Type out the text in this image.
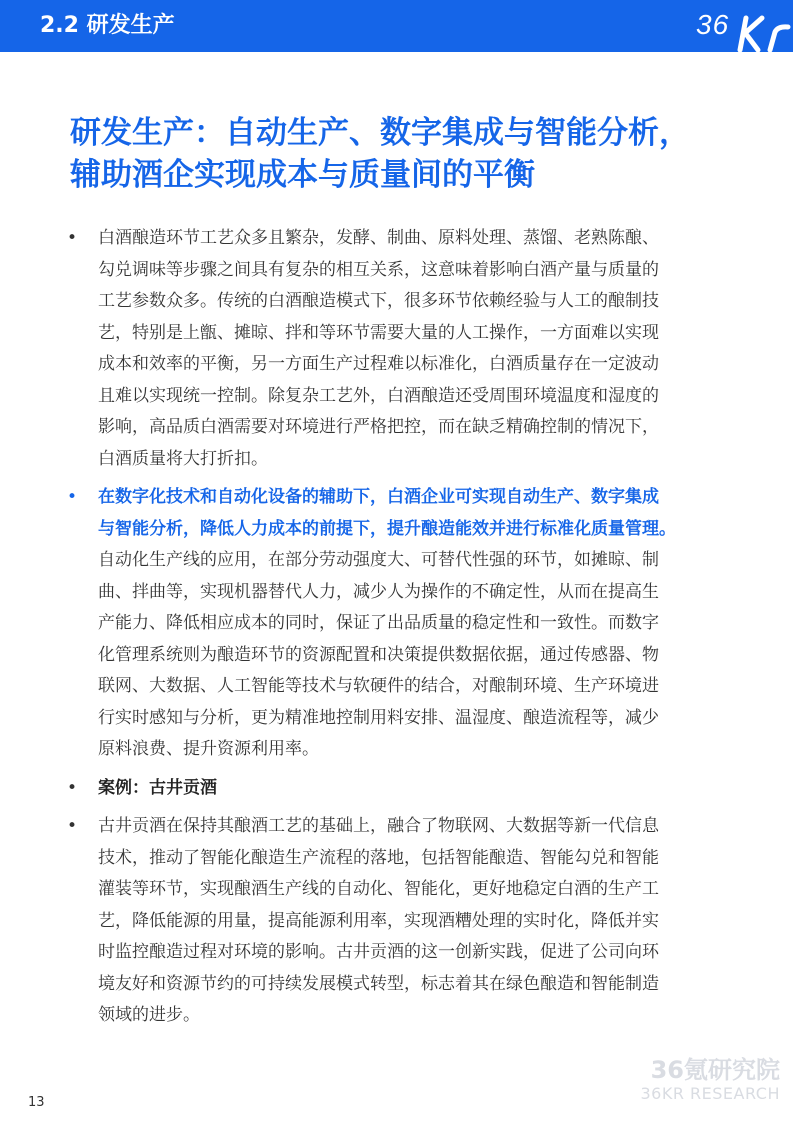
2.2 研发生产	36
研发生产：自动生产、数字集成与智能分析，
辅助酒企实现成本与质量间的平衡

• 白酒酿造环节工艺众多且繁杂，发酵、制曲、原料处理、蒸馏、老熟陈酿、
勾兑调味等步骤之间具有复杂的相互关系，这意味着影响白酒产量与质量的
工艺参数众多。传统的白酒酿造模式下，很多环节依赖经验与人工的酿制技
艺，特别是上甑、摊晾、拌和等环节需要大量的人工操作，一方面难以实现
成本和效率的平衡，另一方面生产过程难以标准化，白酒质量存在一定波动
且难以实现统一控制。除复杂工艺外，白酒酿造还受周围环境温度和湿度的
影响，高品质白酒需要对环境进行严格把控，而在缺乏精确控制的情况下，
白酒质量将大打折扣。

• 在数字化技术和自动化设备的辅助下，白酒企业可实现自动生产、数字集成
与智能分析，降低人力成本的前提下，提升酿造能效并进行标准化质量管理。
自动化生产线的应用，在部分劳动强度大、可替代性强的环节，如摊晾、制
曲、拌曲等，实现机器替代人力，减少人为操作的不确定性，从而在提高生
产能力、降低相应成本的同时，保证了出品质量的稳定性和一致性。而数字
化管理系统则为酿造环节的资源配置和决策提供数据依据，通过传感器、物
联网、大数据、人工智能等技术与软硬件的结合，对酿制环境、生产环境进
行实时感知与分析，更为精准地控制用料安排、温湿度、酿造流程等，减少
原料浪费、提升资源利用率。

• 案例：古井贡酒

• 古井贡酒在保持其酿酒工艺的基础上，融合了物联网、大数据等新一代信息
技术，推动了智能化酿造生产流程的落地，包括智能酿造、智能勾兑和智能
灌装等环节，实现酿酒生产线的自动化、智能化，更好地稳定白酒的生产工
艺，降低能源的用量，提高能源利用率，实现酒糟处理的实时化，降低并实
时监控酿造过程对环境的影响。古井贡酒的这一创新实践，促进了公司向环
境友好和资源节约的可持续发展模式转型，标志着其在绿色酿造和智能制造
领域的进步。

36氪研究院
36KR RESEARCH
13
